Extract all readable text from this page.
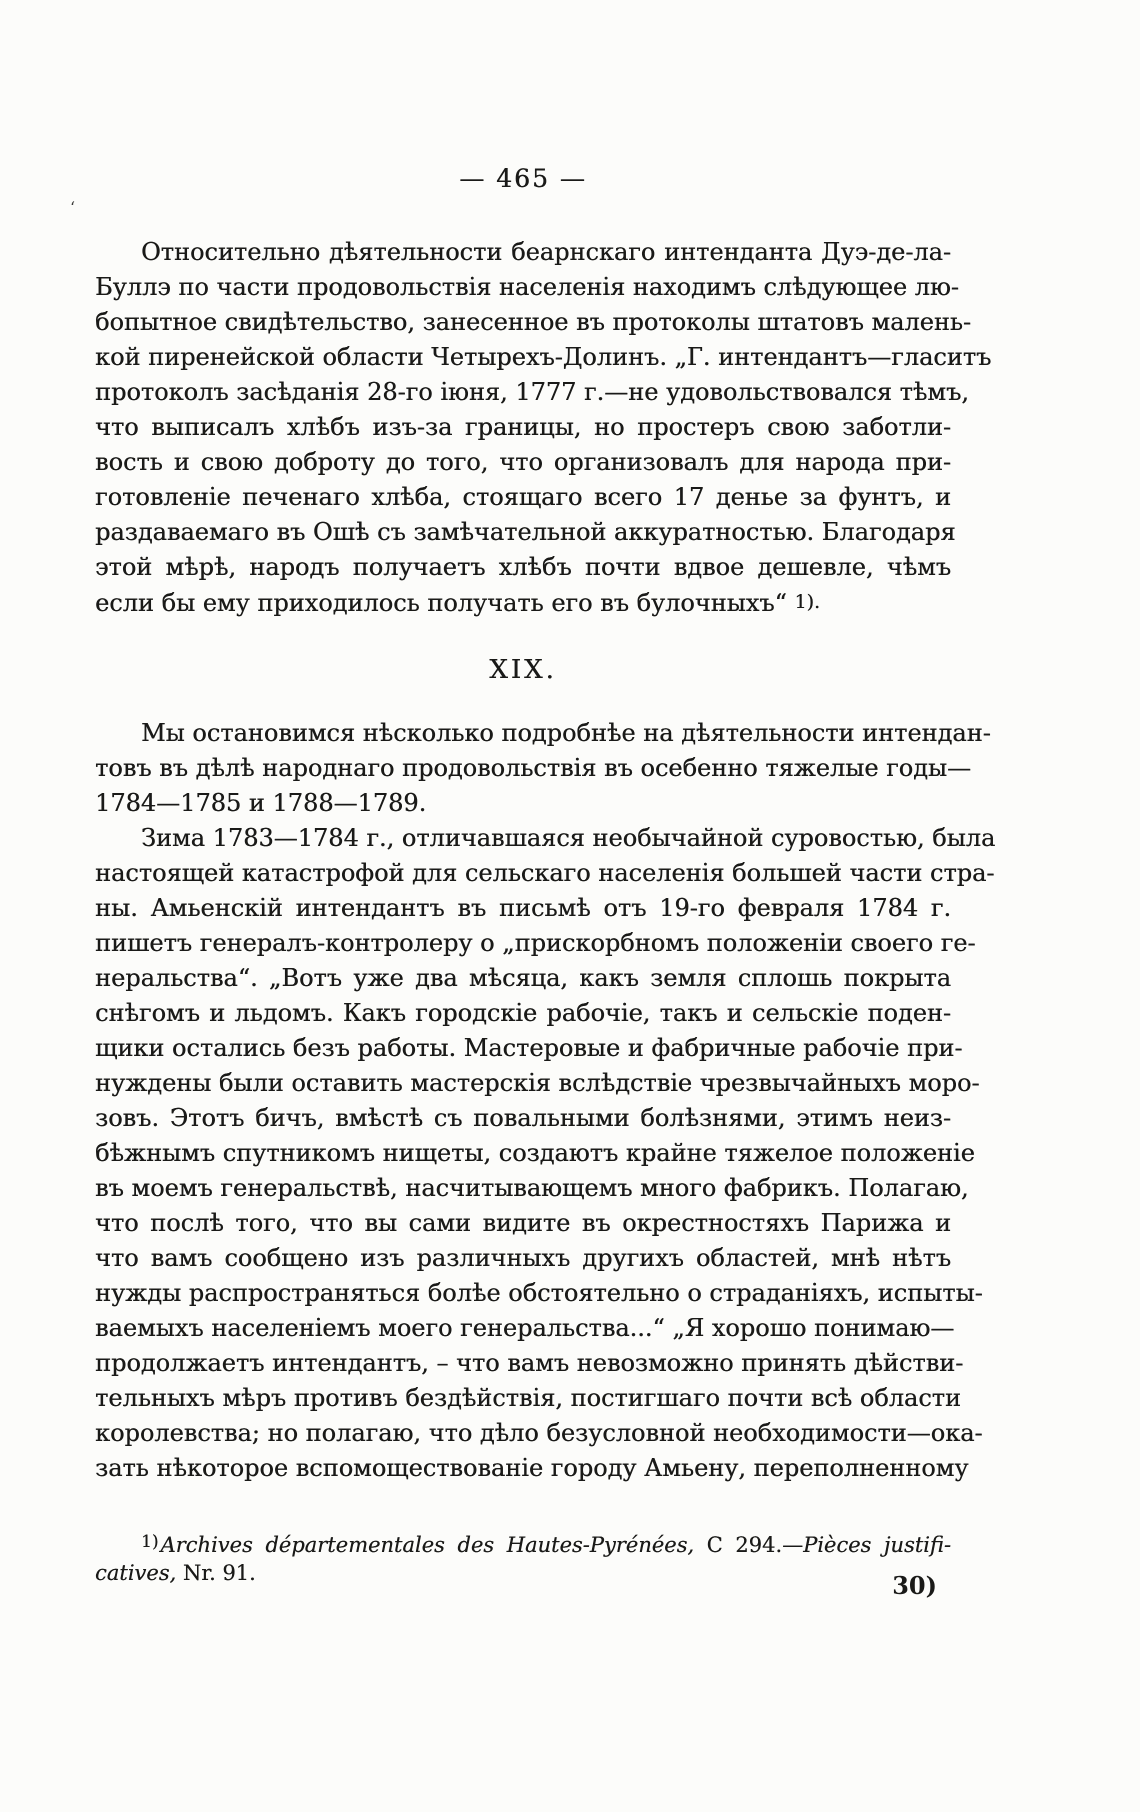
ʻ
— 465 —
Относительно дѣятельности беарнскаго интенданта Дуэ-де-ла-
Буллэ по части продовольствія населенія находимъ слѣдующее лю-
бопытное свидѣтельство, занесенное въ протоколы штатовъ малень-
кой пиренейской области Четырехъ-Долинъ. „Г. интендантъ—гласитъ
протоколъ засѣданія 28-го іюня, 1777 г.—не удовольствовался тѣмъ,
что выписалъ хлѣбъ изъ-за границы, но простеръ свою заботли-
вость и свою доброту до того, что организовалъ для народа при-
готовленіе печенаго хлѣба, стоящаго всего 17 денье за фунтъ, и
раздаваемаго въ Ошѣ съ замѣчательной аккуратностью. Благодаря
этой мѣрѣ, народъ получаетъ хлѣбъ почти вдвое дешевле, чѣмъ
если бы ему приходилось получать его въ булочныхъ“ 1).
XIX.
Мы остановимся нѣсколько подробнѣе на дѣятельности интендан-
товъ въ дѣлѣ народнаго продовольствія въ осебенно тяжелые годы—
1784—1785 и 1788—1789.
Зима 1783—1784 г., отличавшаяся необычайной суровостью, была
настоящей катастрофой для сельскаго населенія большей части стра-
ны. Амьенскій интендантъ въ письмѣ отъ 19-го февраля 1784 г.
пишетъ генералъ-контролеру о „прискорбномъ положеніи своего ге-
неральства“. „Вотъ уже два мѣсяца, какъ земля сплошь покрыта
снѣгомъ и льдомъ. Какъ городскіе рабочіе, такъ и сельскіе поден-
щики остались безъ работы. Мастеровые и фабричные рабочіе при-
нуждены были оставить мастерскія вслѣдствіе чрезвычайныхъ моро-
зовъ. Этотъ бичъ, вмѣстѣ съ повальными болѣзнями, этимъ неиз-
бѣжнымъ спутникомъ нищеты, создаютъ крайне тяжелое положеніе
въ моемъ генеральствѣ, насчитывающемъ много фабрикъ. Полагаю,
что послѣ того, что вы сами видите въ окрестностяхъ Парижа и
что вамъ сообщено изъ различныхъ другихъ областей, мнѣ нѣтъ
нужды распространяться болѣе обстоятельно о страданіяхъ, испыты-
ваемыхъ населеніемъ моего генеральства...“ „Я хорошо понимаю—
продолжаетъ интендантъ, – что вамъ невозможно принять дѣйстви-
тельныхъ мѣръ противъ бездѣйствія, постигшаго почти всѣ области
королевства; но полагаю, что дѣло безусловной необходимости—ока-
зать нѣкоторое вспомоществованіе городу Амьену, переполненному
$^{1)}$Archives départementales des Hautes-Pyrénées, C 294.—Pièces justifi-
catives, Nr. 91.	30)
